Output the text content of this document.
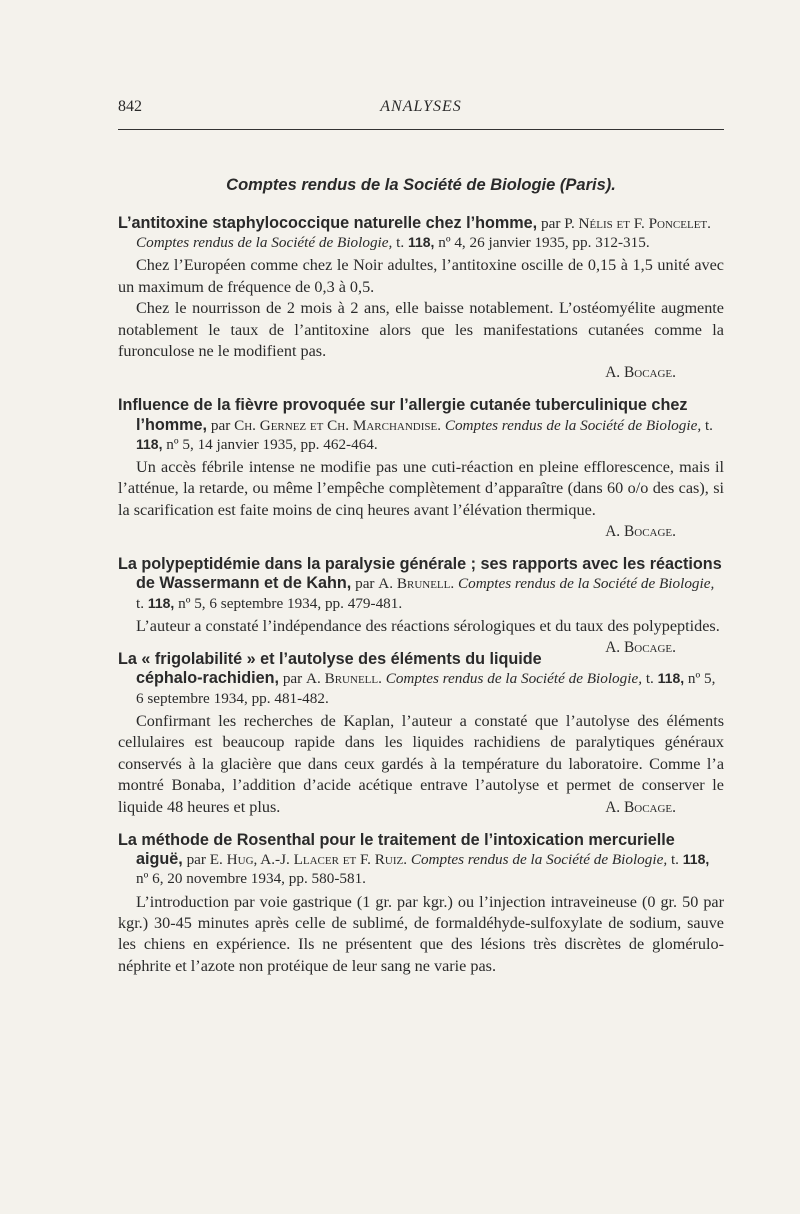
842	ANALYSES
Comptes rendus de la Société de Biologie (Paris).
L’antitoxine staphylococcique naturelle chez l’homme, par P. Nélis et F. Poncelet. Comptes rendus de la Société de Biologie, t. 118, nº 4, 26 janvier 1935, pp. 312-315.

Chez l’Européen comme chez le Noir adultes, l’antitoxine oscille de 0,15 à 1,5 unité avec un maximum de fréquence de 0,3 à 0,5.

Chez le nourrisson de 2 mois à 2 ans, elle baisse notablement. L’ostéomyélite augmente notablement le taux de l’antitoxine alors que les manifestations cutanées comme la furonculose ne le modifient pas.

A. Bocage.
Influence de la fièvre provoquée sur l’allergie cutanée tuberculinique chez l’homme, par Ch. Gernez et Ch. Marchandise. Comptes rendus de la Société de Biologie, t. 118, nº 5, 14 janvier 1935, pp. 462-464.

Un accès fébrile intense ne modifie pas une cuti-réaction en pleine efflorescence, mais il l’atténue, la retarde, ou même l’empêche complètement d’apparaître (dans 60 o/o des cas), si la scarification est faite moins de cinq heures avant l’élévation thermique.

A. Bocage.
La polypeptidémie dans la paralysie générale ; ses rapports avec les réactions de Wassermann et de Kahn, par A. Brunell. Comptes rendus de la Société de Biologie, t. 118, nº 5, 6 septembre 1934, pp. 479-481.

L’auteur a constaté l’indépendance des réactions sérologiques et du taux des polypeptides.
A. Bocage.

La « frigolabilité » et l’autolyse des éléments du liquide céphalo-rachidien, par A. Brunell. Comptes rendus de la Société de Biologie, t. 118, nº 5, 6 septembre 1934, pp. 481-482.

Confirmant les recherches de Kaplan, l’auteur a constaté que l’autolyse des éléments cellulaires est beaucoup rapide dans les liquides rachidiens de paralytiques généraux conservés à la glacière que dans ceux gardés à la température du laboratoire. Comme l’a montré Bonaba, l’addition d’acide acétique entrave l’autolyse et permet de conserver le liquide 48 heures et plus.	A. Bocage.

La méthode de Rosenthal pour le traitement de l’intoxication mercurielle aiguë, par E. Hug, A.-J. Llacer et F. Ruiz. Comptes rendus de la Société de Biologie, t. 118, nº 6, 20 novembre 1934, pp. 580-581.

L’introduction par voie gastrique (1 gr. par kgr.) ou l’injection intraveineuse (0 gr. 50 par kgr.) 30-45 minutes après celle de sublimé, de formaldéhyde-sulfoxylate de sodium, sauve les chiens en expérience. Ils ne présentent que des lésions très discrètes de glomérulo-néphrite et l’azote non protéique de leur sang ne varie pas.
